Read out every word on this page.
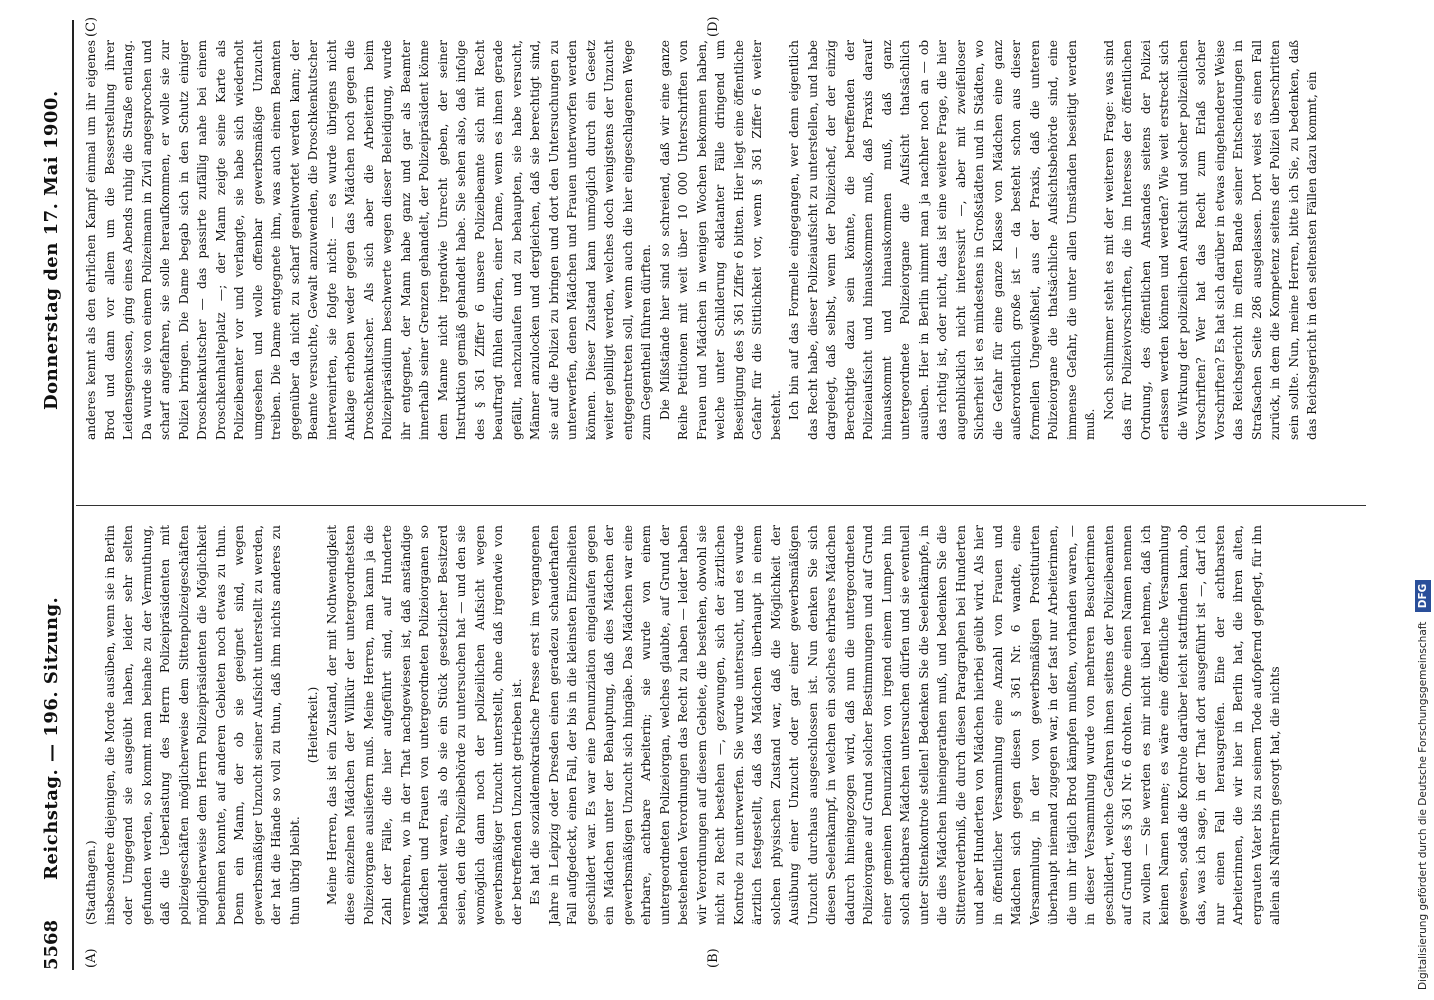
5568
Reichstag. — 196. Sitzung.
Donnerstag den 17. Mai 1900.
(A)	(B)
(C)	(D)

(Stadthagen.) insbesondere diejenigen, die Morde ausüben, wenn sie in Berlin oder Umgegend sie ausgeübt haben, leider sehr selten gefunden werden, so kommt man beinahe zu der Vermuthung, daß die Ueberlastung des Herrn Polizeipräsidenten mit polizeigeschäften möglicherweise dem Sittenpolizeigeschäften möglicherweise dem Herrn Polizeipräsidenten die Möglichkeit benehmen konnte, auf anderen Gebieten noch etwas zu thun. Denn ein Mann, der ob sie geeignet sind, wegen gewerbsmäßiger Unzucht seiner Aufsicht unterstellt zu werden, der hat die Hände so voll zu thun, daß ihm nichts anderes zu thun übrig bleibt.

(Heiterkeit.) Meine Herren, das ist ein Zustand, der mit Nothwendigkeit diese einzelnen Mädchen der Willkür der untergeordnetsten Polizeiorgane ausliefern muß. Meine Herren, man kann ja die Zahl der Fälle, die hier aufgeführt sind, auf Hunderte vermehren, wo in der That nachgewiesen ist, daß anständige Mädchen und Frauen von untergeordneten Polizeiorganen so behandelt waren, als ob sie ein Stück gesetzlicher Besitzerd seien, den die Polizeibehörde zu untersuchen hat — und den sie womöglich dann noch der polizeilichen Aufsicht wegen gewerbsmäßiger Unzucht unterstellt, ohne daß irgendwie von der betreffenden Unzucht getrieben ist. Es hat die sozialdemokratische Presse erst im vergangenen Jahre in Leipzig oder Dresden einen geradezu schauderhaften Fall aufgedeckt, einen Fall, der bis in die kleinsten Einzelheiten geschildert war. Es war eine Denunziation eingelaufen gegen ein Mädchen unter der Behauptung, daß dies Mädchen der gewerbsmäßigen Unzucht sich hingäbe. Das Mädchen war eine ehrbare, achtbare Arbeiterin; sie wurde von einem untergeordneten Polizeiorgan, welches glaubte, auf Grund der bestehenden Verordnungen das Recht zu haben — leider haben wir Verordnungen auf diesem Gebiete, die bestehen, obwohl sie nicht zu Recht bestehen —, gezwungen, sich der ärztlichen Kontrole zu unterwerfen. Sie wurde untersucht, und es wurde ärztlich festgestellt, daß das Mädchen überhaupt in einem solchen physischen Zustand war, daß die Möglichkeit der Ausübung einer Unzucht oder gar einer gewerbsmäßigen Unzucht durchaus ausgeschlossen ist. Nun denken Sie sich diesen Seelenkampf, in welchen ein solches ehrbares Mädchen dadurch hineingezogen wird, daß nun die untergeordneten Polizeiorgane auf Grund solcher Bestimmungen und auf Grund einer gemeinen Denunziation von irgend einem Lumpen hin solch achtbares Mädchen untersuchen dürfen und sie eventuell unter Sittenkontrole stellen! Bedenken Sie die Seelenkämpfe, in die dies Mädchen hineingerathen muß, und bedenken Sie die Sittenverderbniß, die durch diesen Paragraphen bei Hunderten und aber Hunderten von Mädchen hierbei geübt wird. Als hier in öffentlicher Versammlung eine Anzahl von Frauen und Mädchen sich gegen diesen § 361 Nr. 6 wandte, eine Versammlung, in der von gewerbsmäßigen Prostituirten überhaupt niemand zugegen war, in der fast nur Arbeiterinnen, die um ihr täglich Brod kämpfen mußten, vorhanden waren, — in dieser Versammlung wurde von mehreren Besucherinnen geschildert, welche Gefahren ihnen seitens der Polizeibeamten auf Grund des § 361 Nr. 6 drohten. Ohne einen Namen nennen zu wollen — Sie werden es mir nicht übel nehmen, daß ich keinen Namen nenne; es wäre eine öffentliche Versammlung gewesen, sodaß die Kontrole darüber leicht stattfinden kann, ob das, was ich sage, in der That dort ausgeführt ist —, darf ich nur einen Fall herausgreifen. Eine der achtbarsten Arbeiterinnen, die wir hier in Berlin hat, die ihren alten, ergrauten Vater bis zu seinem Tode aufopfernd gepflegt, für ihn allein als Nährerin gesorgt hat, die nichts

anderes kennt als den ehrlichen Kampf einmal um ihr eigenes Brod und dann vor allem um die Besserstellung ihrer Leidensgenossen, ging eines Abends ruhig die Straße entlang. Da wurde sie von einem Polizeimann in Zivil angesprochen und scharf angefahren, sie solle heraufkommen, er wolle sie zur Polizei bringen. Die Dame begab sich in den Schutz einiger Droschkenkutscher — das passirte zufällig nahe bei einem Droschkenhalteplatz —; der Mann zeigte seine Karte als Polizeibeamter vor und verlangte, sie habe sich wiederholt umgesehen und wolle offenbar gewerbsmäßige Unzucht treiben. Die Dame entgegnete ihm, was auch einem Beamten gegenüber da nicht zu scharf geantwortet werden kann; der Beamte versuchte, Gewalt anzuwenden, die Droschkenkutscher intervenirten, sie folgte nicht: — es wurde übrigens nicht Anklage erhoben weder gegen das Mädchen noch gegen die Droschkenkutscher. Als sich aber die Arbeiterin beim Polizeipräsidium beschwerte wegen dieser Beleidigung, wurde ihr entgegnet, der Mann habe ganz und gar als Beamter innerhalb seiner Grenzen gehandelt, der Polizeipräsident könne dem Manne nicht irgendwie Unrecht geben, der seiner Instruktion gemäß gehandelt habe. Sie sehen also, daß infolge des § 361 Ziffer 6 unsere Polizeibeamte sich mit Recht beauftragt fühlen dürfen, einer Dame, wenn es ihnen gerade gefällt, nachzulaufen und zu behaupten, sie habe versucht, Männer anzulocken und dergleichen, daß sie berechtigt sind, sie auf die Polizei zu bringen und dort den Untersuchungen zu unterwerfen, denen Mädchen und Frauen unterworfen werden können. Dieser Zustand kann unmöglich durch ein Gesetz weiter gebilligt werden, welches doch wenigstens der Unzucht entgegentreten soll, wenn auch die hier eingeschlagenen Wege zum Gegentheil führen dürften. Die Mißstände hier sind so schreiend, daß wir eine ganze Reihe Petitionen mit weit über 10 000 Unterschriften von Frauen und Mädchen in wenigen Wochen bekommen haben, welche unter Schilderung eklatanter Fälle dringend um Beseitigung des § 361 Ziffer 6 bitten. Hier liegt eine öffentliche Gefahr für die Sittlichkeit vor, wenn § 361 Ziffer 6 weiter besteht. Ich bin auf das Formelle eingegangen, wer denn eigentlich das Recht habe, dieser Polizeiaufsicht zu unterstellen, und habe dargelegt, daß selbst, wenn der Polizeichef, der der einzig Berechtigte dazu sein könnte, die betreffenden der Polizeiaufsicht und hinauskommen muß, daß Praxis darauf hinauskommt und hinauskommen muß, daß ganz untergeordnete Polizeiorgane die Aufsicht thatsächlich ausüben. Hier in Berlin nimmt man ja nachher noch an — ob das richtig ist, oder nicht, das ist eine weitere Frage, die hier augenblicklich nicht interessirt —, aber mit zweifelloser Sicherheit ist es mindestens in Großstädten und in Städten, wo die Gefahr für eine ganze Klasse von Mädchen eine ganz außerordentlich große ist — da besteht schon aus dieser formellen Ungewißheit, aus der Praxis, daß die unteren Polizeiorgane die thatsächliche Aufsichtsbehörde sind, eine immense Gefahr, die unter allen Umständen beseitigt werden muß.

Noch schlimmer steht es mit der weiteren Frage: was sind das für Polizeivorschriften, die im Interesse der öffentlichen Ordnung, des öffentlichen Anstandes seitens der Polizei erlassen werden können und werden? Wie weit erstreckt sich die Wirkung der polizeilichen Aufsicht und solcher polizeilichen Vorschriften? Wer hat das Recht zum Erlaß solcher Vorschriften? Es hat sich darüber in etwas eingehenderer Weise das Reichsgericht im elften Bande seiner Entscheidungen in Strafsachen Seite 286 ausgelassen. Dort weist es einen Fall zurück, in dem die Kompetenz seitens der Polizei überschritten sein sollte. Nun, meine Herren, bitte ich Sie, zu bedenken, daß das Reichsgericht in den seltensten Fällen dazu kommt, ein

Digitalisierung gefördert durch die Deutsche Forschungsgemeinschaft DFG
